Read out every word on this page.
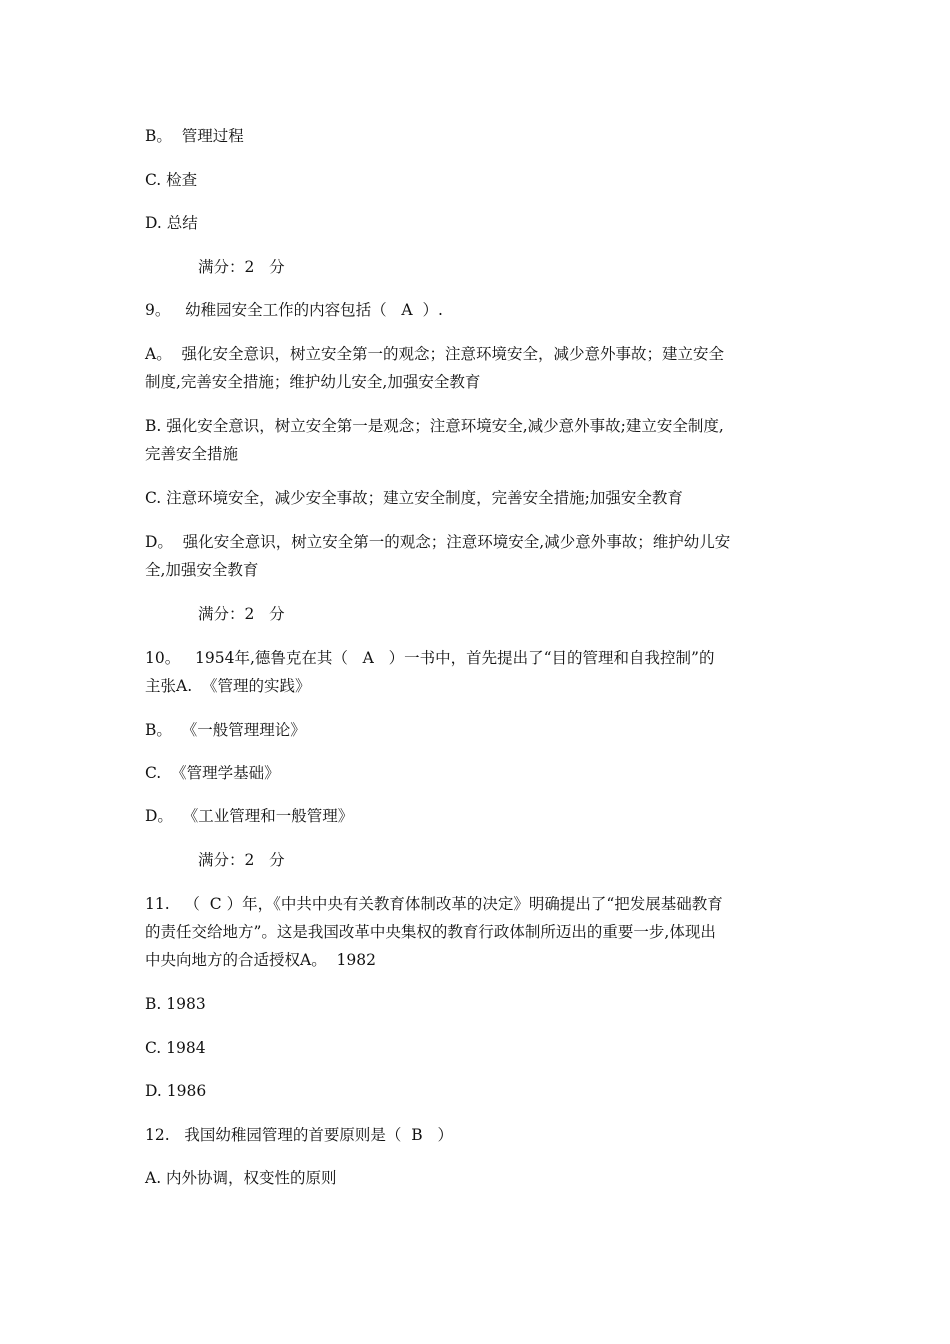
B。  管理过程
C. 检查
D. 总结
满分：2   分
9。   幼稚园安全工作的内容包括（   A  ）.
A。  强化安全意识，树立安全第一的观念；注意环境安全，减少意外事故；建立安全
制度,完善安全措施；维护幼儿安全,加强安全教育
B. 强化安全意识，树立安全第一是观念；注意环境安全,减少意外事故;建立安全制度,
完善安全措施
C. 注意环境安全，减少安全事故；建立安全制度，完善安全措施;加强安全教育
D。  强化安全意识，树立安全第一的观念；注意环境安全,减少意外事故；维护幼儿安
全,加强安全教育
满分：2   分
10。   1954年,德鲁克在其（   A   ）一书中，首先提出了“目的管理和自我控制”的
主张A.  《管理的实践》
B。  《一般管理理论》
C.  《管理学基础》
D。  《工业管理和一般管理》
满分：2   分
11.   （  C ）年，《中共中央有关教育体制改革的决定》明确提出了“把发展基础教育
的责任交给地方”。这是我国改革中央集权的教育行政体制所迈出的重要一步,体现出
中央向地方的合适授权A。  1982
B. 1983
C. 1984
D. 1986
12.   我国幼稚园管理的首要原则是（  B   ）
A. 内外协调，权变性的原则
